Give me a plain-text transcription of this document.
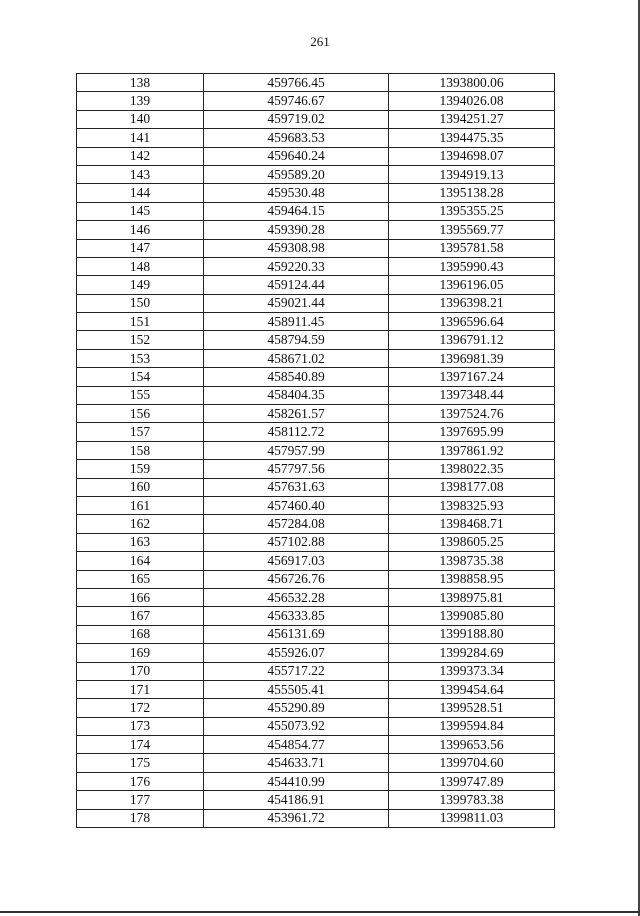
261
138	459766.45	1393800.06
139	459746.67	1394026.08
140	459719.02	1394251.27
141	459683.53	1394475.35
142	459640.24	1394698.07
143	459589.20	1394919.13
144	459530.48	1395138.28
145	459464.15	1395355.25
146	459390.28	1395569.77
147	459308.98	1395781.58
148	459220.33	1395990.43
149	459124.44	1396196.05
150	459021.44	1396398.21
151	458911.45	1396596.64
152	458794.59	1396791.12
153	458671.02	1396981.39
154	458540.89	1397167.24
155	458404.35	1397348.44
156	458261.57	1397524.76
157	458112.72	1397695.99
158	457957.99	1397861.92
159	457797.56	1398022.35
160	457631.63	1398177.08
161	457460.40	1398325.93
162	457284.08	1398468.71
163	457102.88	1398605.25
164	456917.03	1398735.38
165	456726.76	1398858.95
166	456532.28	1398975.81
167	456333.85	1399085.80
168	456131.69	1399188.80
169	455926.07	1399284.69
170	455717.22	1399373.34
171	455505.41	1399454.64
172	455290.89	1399528.51
173	455073.92	1399594.84
174	454854.77	1399653.56
175	454633.71	1399704.60
176	454410.99	1399747.89
177	454186.91	1399783.38
178	453961.72	1399811.03
